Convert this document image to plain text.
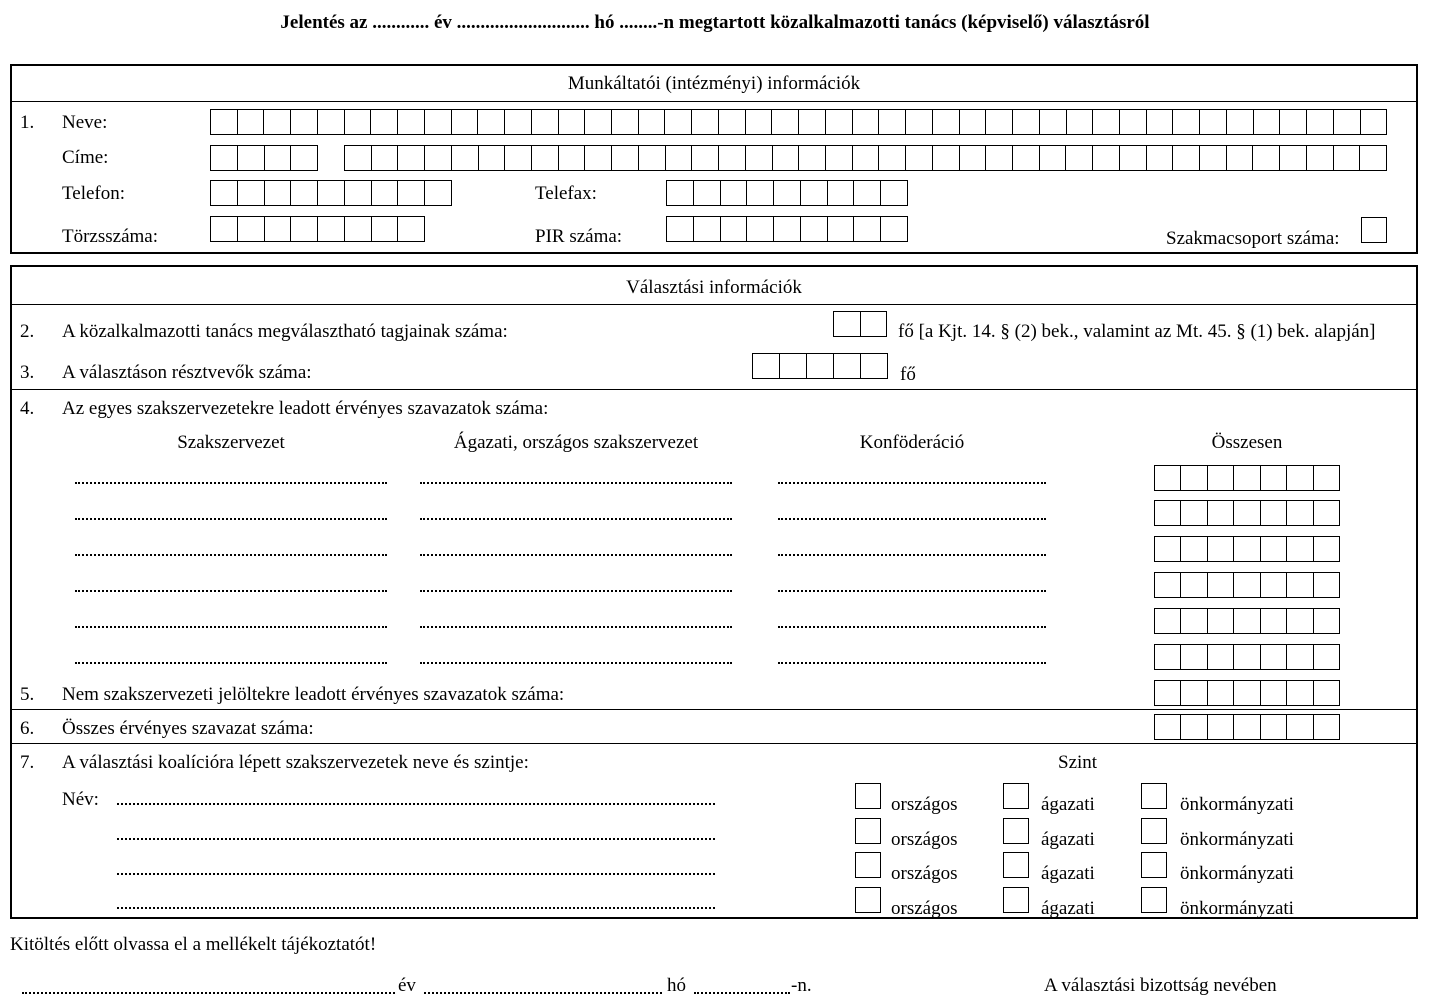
Jelentés az ............ év ............................ hó ........-n megtartott közalkalmazotti tanács (képviselő) választásról
Munkáltatói (intézményi) információk
1. Neve:
Címe:
Telefon:	Telefax:
Törzsszáma:	PIR száma:	Szakmacsoport száma:
Választási információk
2. A közalkalmazotti tanács megválasztható tagjainak száma:	fő [a Kjt. 14. § (2) bek., valamint az Mt. 45. § (1) bek. alapján]
3. A választáson résztvevők száma:	fő
4. Az egyes szakszervezetekre leadott érvényes szavazatok száma:
Szakszervezet	Ágazati, országos szakszervezet	Konföderáció	Összesen
5. Nem szakszervezeti jelöltekre leadott érvényes szavazatok száma:
6. Összes érvényes szavazat száma:
7. A választási koalícióra lépett szakszervezetek neve és szintje:	Szint
Név:	országos	ágazati	önkormányzati
országos	ágazati	önkormányzati
országos	ágazati	önkormányzati
országos	ágazati	önkormányzati
Kitöltés előtt olvassa el a mellékelt tájékoztatót!
év	hó	-n.	A választási bizottság nevében
